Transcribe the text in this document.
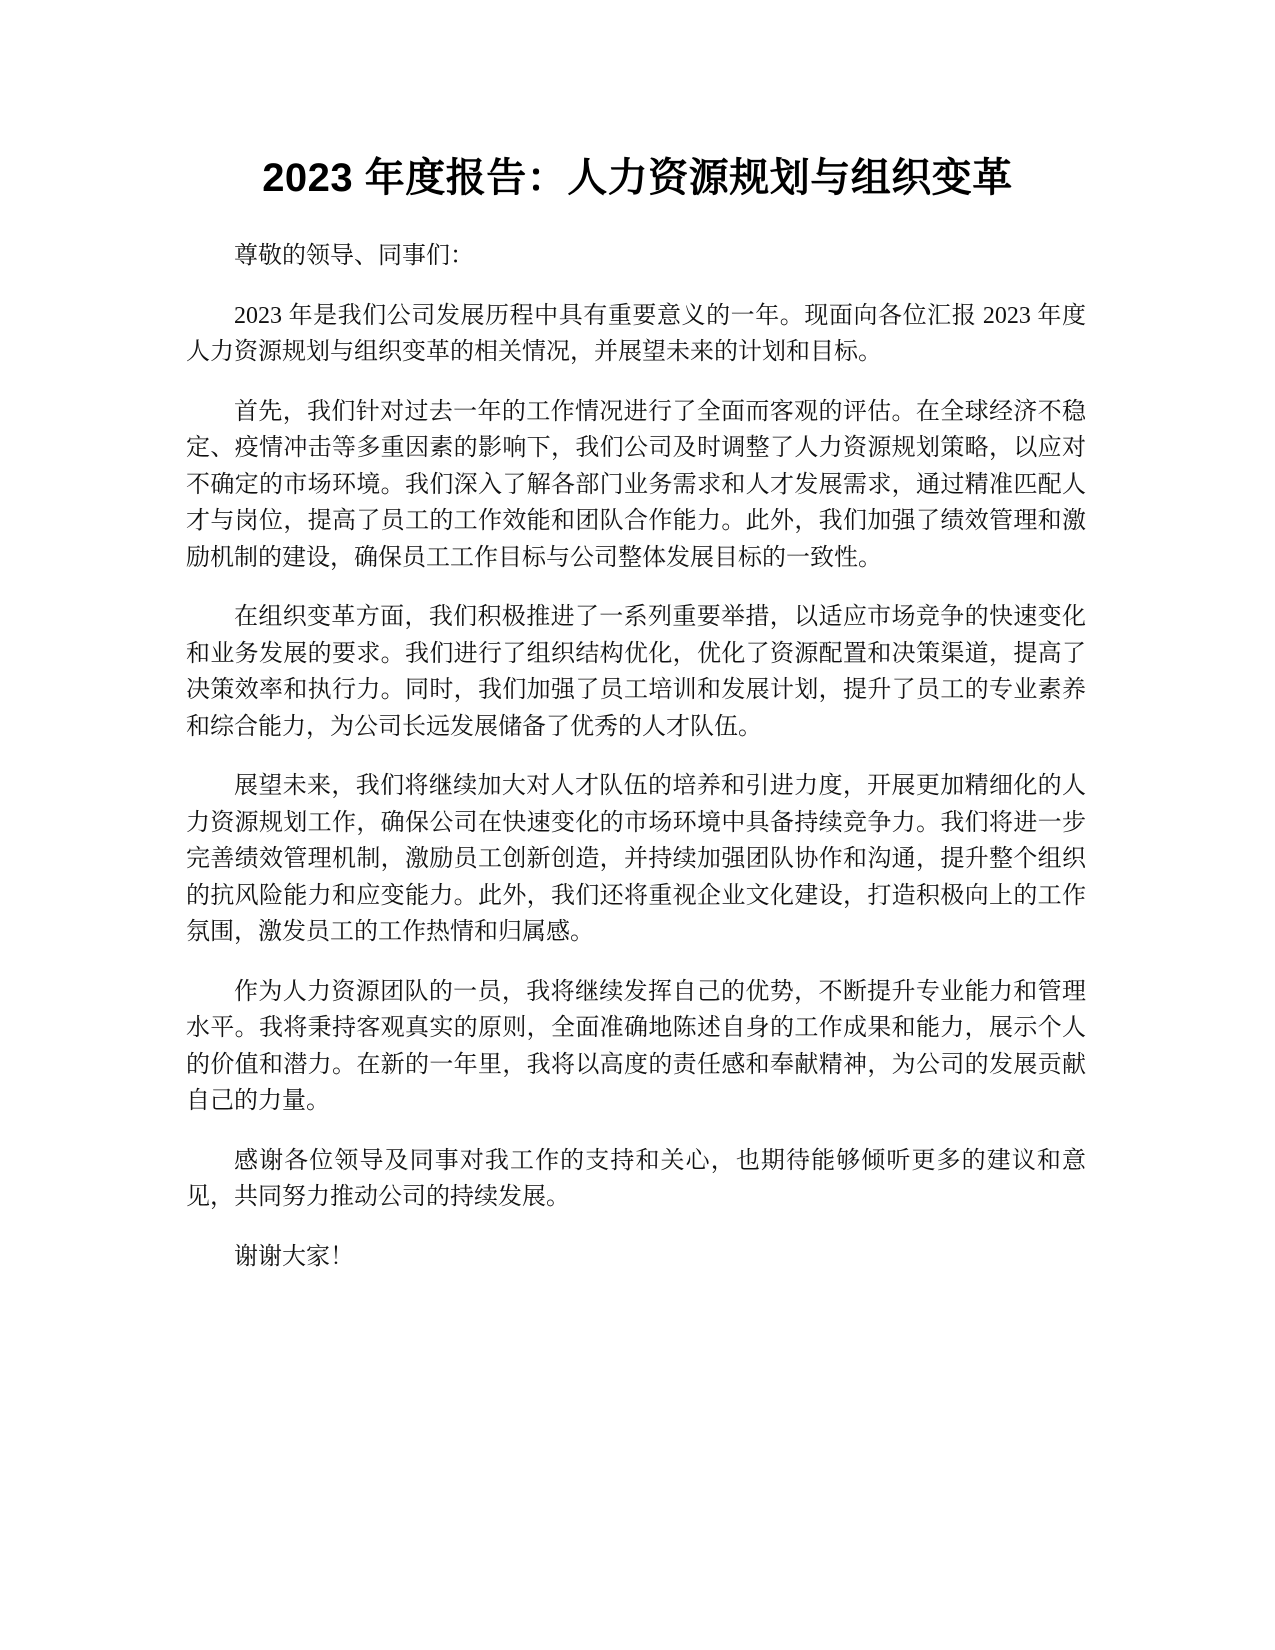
2023 年度报告：人力资源规划与组织变革

尊敬的领导、同事们：

2023 年是我们公司发展历程中具有重要意义的一年。现面向各位汇报 2023 年度人力资源规划与组织变革的相关情况，并展望未来的计划和目标。

首先，我们针对过去一年的工作情况进行了全面而客观的评估。在全球经济不稳定、疫情冲击等多重因素的影响下，我们公司及时调整了人力资源规划策略，以应对不确定的市场环境。我们深入了解各部门业务需求和人才发展需求，通过精准匹配人才与岗位，提高了员工的工作效能和团队合作能力。此外，我们加强了绩效管理和激励机制的建设，确保员工工作目标与公司整体发展目标的一致性。

在组织变革方面，我们积极推进了一系列重要举措，以适应市场竞争的快速变化和业务发展的要求。我们进行了组织结构优化，优化了资源配置和决策渠道，提高了决策效率和执行力。同时，我们加强了员工培训和发展计划，提升了员工的专业素养和综合能力，为公司长远发展储备了优秀的人才队伍。

展望未来，我们将继续加大对人才队伍的培养和引进力度，开展更加精细化的人力资源规划工作，确保公司在快速变化的市场环境中具备持续竞争力。我们将进一步完善绩效管理机制，激励员工创新创造，并持续加强团队协作和沟通，提升整个组织的抗风险能力和应变能力。此外，我们还将重视企业文化建设，打造积极向上的工作氛围，激发员工的工作热情和归属感。

作为人力资源团队的一员，我将继续发挥自己的优势，不断提升专业能力和管理水平。我将秉持客观真实的原则，全面准确地陈述自身的工作成果和能力，展示个人的价值和潜力。在新的一年里，我将以高度的责任感和奉献精神，为公司的发展贡献自己的力量。

感谢各位领导及同事对我工作的支持和关心，也期待能够倾听更多的建议和意见，共同努力推动公司的持续发展。

谢谢大家！
